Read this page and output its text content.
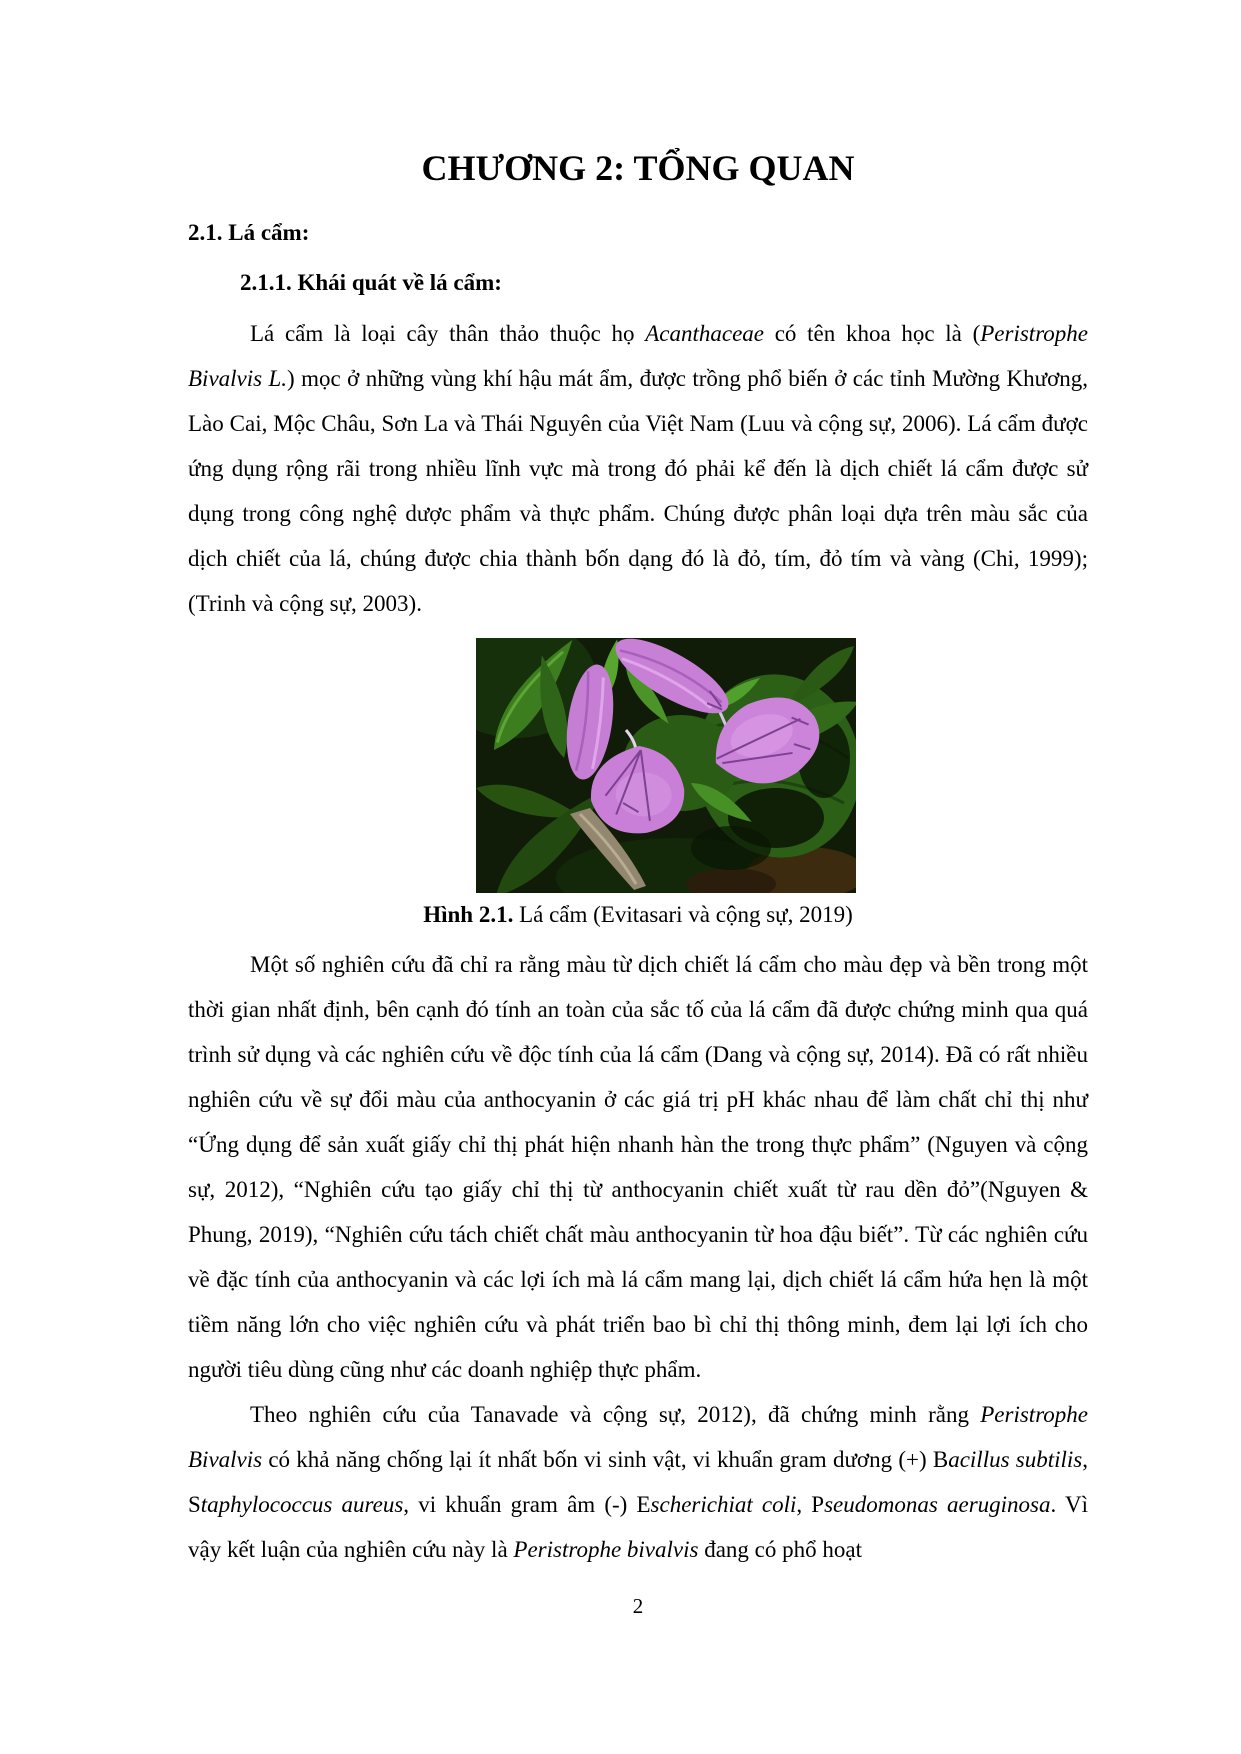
CHƯƠNG 2: TỔNG QUAN
2.1. Lá cẩm:
2.1.1. Khái quát về lá cẩm:

Lá cẩm là loại cây thân thảo thuộc họ Acanthaceae có tên khoa học là (Peristrophe Bivalvis L.) mọc ở những vùng khí hậu mát ẩm, được trồng phổ biến ở các tỉnh Mường Khương, Lào Cai, Mộc Châu, Sơn La và Thái Nguyên của Việt Nam (Luu và cộng sự, 2006). Lá cẩm được ứng dụng rộng rãi trong nhiều lĩnh vực mà trong đó phải kể đến là dịch chiết lá cẩm được sử dụng trong công nghệ dược phẩm và thực phẩm. Chúng được phân loại dựa trên màu sắc của dịch chiết của lá, chúng được chia thành bốn dạng đó là đỏ, tím, đỏ tím và vàng (Chi, 1999); (Trinh và cộng sự, 2003).

Hình 2.1. Lá cẩm (Evitasari và cộng sự, 2019)

Một số nghiên cứu đã chỉ ra rằng màu từ dịch chiết lá cẩm cho màu đẹp và bền trong một thời gian nhất định, bên cạnh đó tính an toàn của sắc tố của lá cẩm đã được chứng minh qua quá trình sử dụng và các nghiên cứu về độc tính của lá cẩm (Dang và cộng sự, 2014). Đã có rất nhiều nghiên cứu về sự đổi màu của anthocyanin ở các giá trị pH khác nhau để làm chất chỉ thị như “Ứng dụng để sản xuất giấy chỉ thị phát hiện nhanh hàn the trong thực phẩm” (Nguyen và cộng sự, 2012), “Nghiên cứu tạo giấy chỉ thị từ anthocyanin chiết xuất từ rau dền đỏ”(Nguyen & Phung, 2019), “Nghiên cứu tách chiết chất màu anthocyanin từ hoa đậu biết”. Từ các nghiên cứu về đặc tính của anthocyanin và các lợi ích mà lá cẩm mang lại, dịch chiết lá cẩm hứa hẹn là một tiềm năng lớn cho việc nghiên cứu và phát triển bao bì chỉ thị thông minh, đem lại lợi ích cho người tiêu dùng cũng như các doanh nghiệp thực phẩm.

Theo nghiên cứu của Tanavade và cộng sự, 2012), đã chứng minh rằng Peristrophe Bivalvis có khả năng chống lại ít nhất bốn vi sinh vật, vi khuẩn gram dương (+) Bacillus subtilis, Staphylococcus aureus, vi khuẩn gram âm (-) Escherichiat coli, Pseudomonas aeruginosa. Vì vậy kết luận của nghiên cứu này là Peristrophe bivalvis đang có phổ hoạt

2
